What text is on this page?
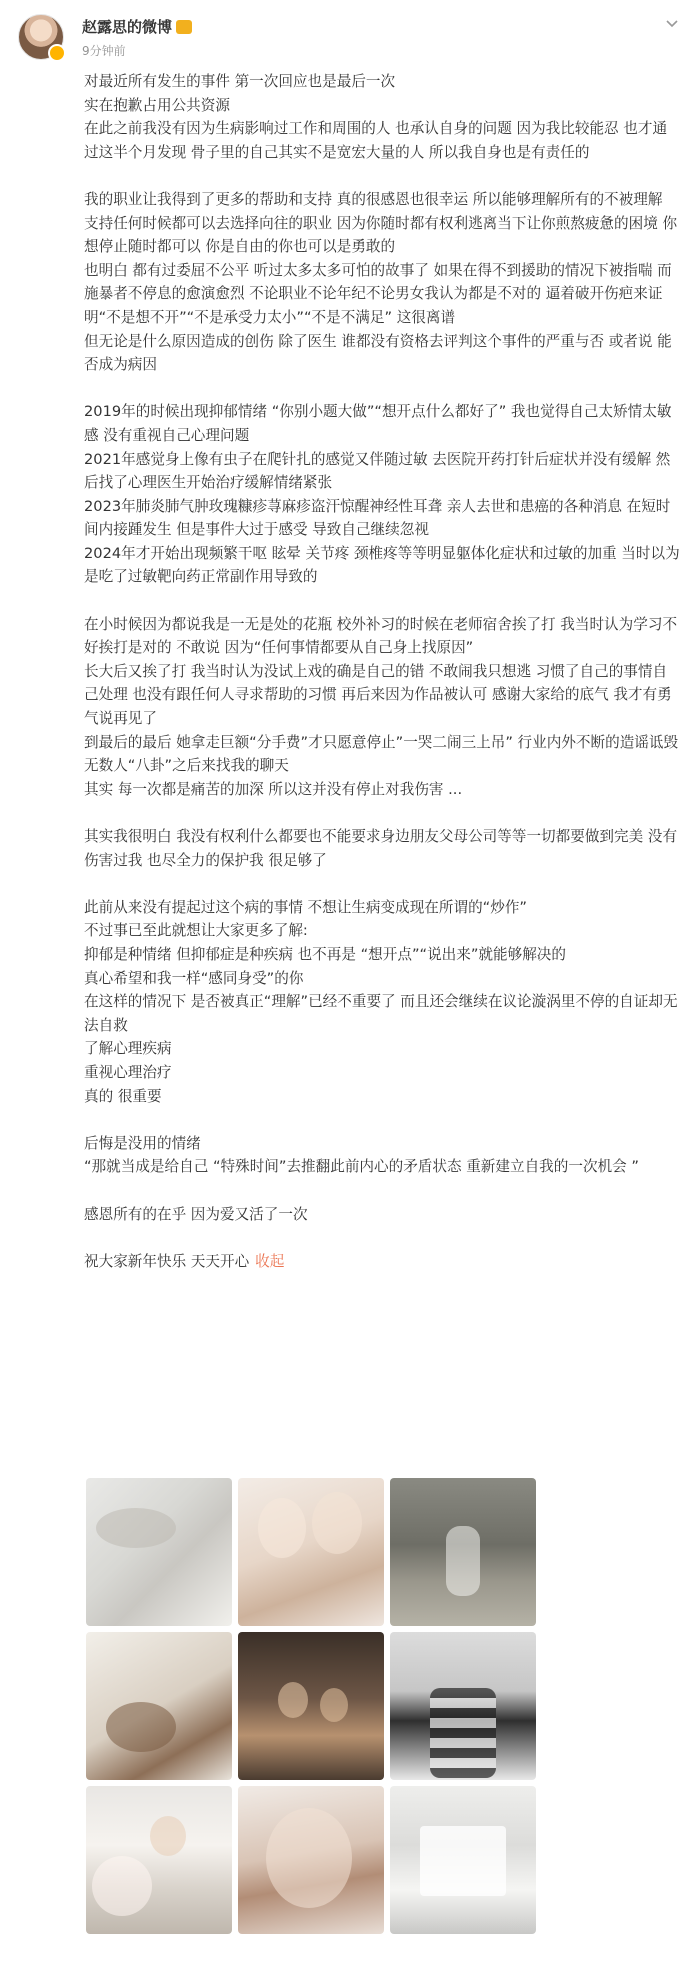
赵露思的微博
9分钟前

对最近所有发生的事件 第一次回应也是最后一次

实在抱歉占用公共资源

在此之前我没有因为生病影响过工作和周围的人 也承认自身的问题 因为我比较能忍 也才通过这半个月发现 骨子里的自己其实不是宽宏大量的人 所以我自身也是有责任的

我的职业让我得到了更多的帮助和支持 真的很感恩也很幸运 所以能够理解所有的不被理解

支持任何时候都可以去选择向往的职业 因为你随时都有权利逃离当下让你煎熬疲惫的困境 你想停止随时都可以 你是自由的你也可以是勇敢的

也明白 都有过委屈不公平 听过太多太多可怕的故事了 如果在得不到援助的情况下被指喘 而施暴者不停息的愈演愈烈 不论职业不论年纪不论男女我认为都是不对的 逼着破开伤疤来证明“不是想不开”“不是承受力太小”“不是不满足” 这很离谱

但无论是什么原因造成的创伤 除了医生 谁都没有资格去评判这个事件的严重与否 或者说 能否成为病因

2019年的时候出现抑郁情绪 “你别小题大做”“想开点什么都好了” 我也觉得自己太矫情太敏感 没有重视自己心理问题

2021年感觉身上像有虫子在爬针扎的感觉又伴随过敏 去医院开药打针后症状并没有缓解 然后找了心理医生开始治疗缓解情绪紧张

2023年肺炎肺气肿玫瑰糠疹荨麻疹盗汗惊醒神经性耳聋 亲人去世和患癌的各种消息 在短时间内接踵发生 但是事件大过于感受 导致自己继续忽视

2024年才开始出现频繁干呕 眩晕 关节疼 颈椎疼等等明显躯体化症状和过敏的加重 当时以为是吃了过敏靶向药正常副作用导致的

在小时候因为都说我是一无是处的花瓶 校外补习的时候在老师宿舍挨了打 我当时认为学习不好挨打是对的 不敢说 因为“任何事情都要从自己身上找原因”

长大后又挨了打 我当时认为没试上戏的确是自己的错 不敢闹我只想逃 习惯了自己的事情自己处理 也没有跟任何人寻求帮助的习惯 再后来因为作品被认可 感谢大家给的底气 我才有勇气说再见了

到最后的最后 她拿走巨额“分手费”才只愿意停止”一哭二闹三上吊” 行业内外不断的造谣诋毁 无数人“八卦”之后来找我的聊天

其实 每一次都是痛苦的加深 所以这并没有停止对我伤害 ...

其实我很明白 我没有权利什么都要也不能要求身边朋友父母公司等等一切都要做到完美 没有伤害过我 也尽全力的保护我 很足够了

此前从来没有提起过这个病的事情 不想让生病变成现在所谓的“炒作”

不过事已至此就想让大家更多了解:

抑郁是种情绪 但抑郁症是种疾病 也不再是 “想开点”“说出来”就能够解决的

真心希望和我一样“感同身受”的你

在这样的情况下 是否被真正“理解”已经不重要了 而且还会继续在议论漩涡里不停的自证却无法自救

了解心理疾病

重视心理治疗

真的 很重要

后悔是没用的情绪

“那就当成是给自己 “特殊时间”去推翻此前内心的矛盾状态 重新建立自我的一次机会 ”

感恩所有的在乎 因为爱又活了一次

祝大家新年快乐 天天开心 收起
